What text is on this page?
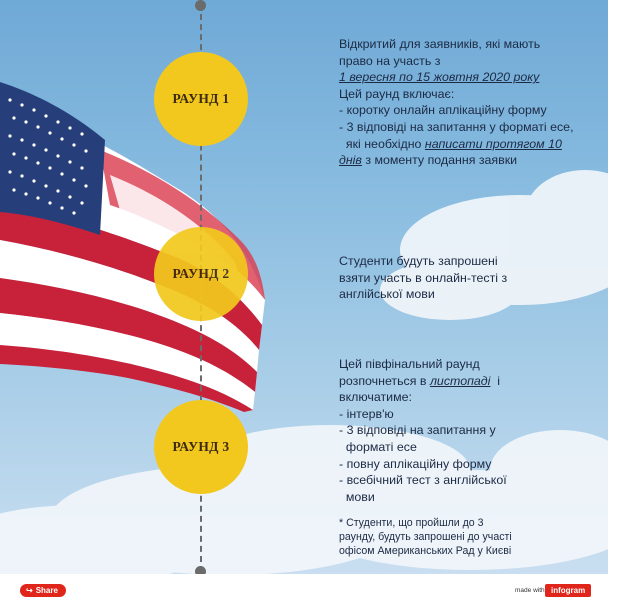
РАУНД 1
РАУНД 2
РАУНД 3

Відкритий для заявників, які мають

право на участь з

1 вересня по 15 жовтня 2020 року

Цей раунд включає:

- коротку онлайн аплікаційну форму

- 3 відповіді на запитання у форматі есе,

які необхідно написати протягом 10

днів з моменту подання заявки

Студенти будуть запрошені

взяти участь в онлайн-тесті з

англійської мови

Цей півфінальний раунд

розпочнеться в листопаді  і

включатиме:

- інтерв'ю

- 3 відповіді на запитання у

форматі есе

- повну аплікаційну форму

- всебічний тест з англійської

мови

* Студенти, що пройшли до 3

раунду, будуть запрошені до участі

офісом Американських Рад у Києві

↪ Share	made with infogram
